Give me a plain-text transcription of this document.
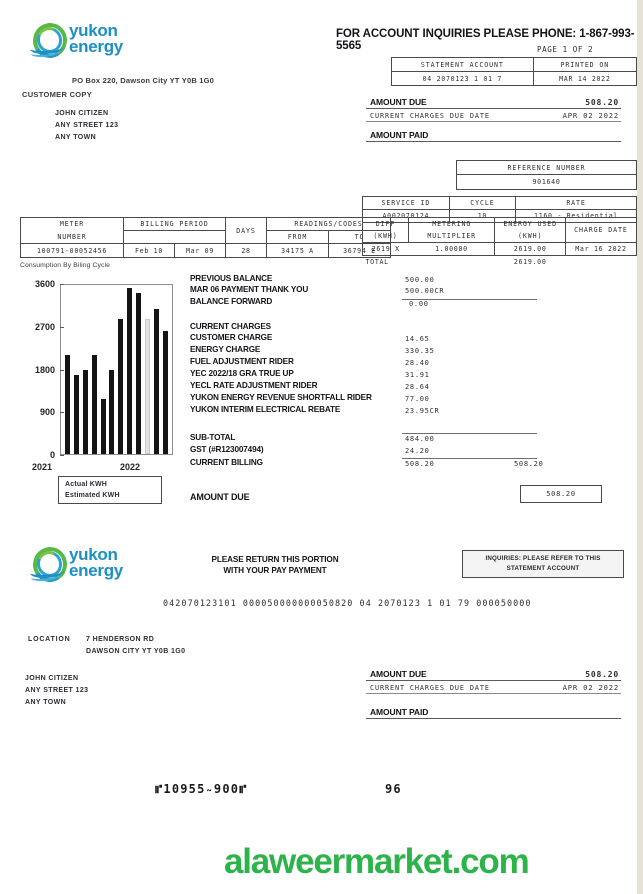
yukon
energy
PO Box 220, Dawson City YT Y0B 1G0
CUSTOMER COPY
JOHN CITIZEN
ANY STREET 123
ANY TOWN
FOR ACCOUNT INQUIRIES PLEASE PHONE: 1-867-993-5565	PAGE 1 OF 2
STATEMENT ACCOUNT	PRINTED ON
04 2070123 1 01 7	MAR 14 2022
AMOUNT DUE	508.20
CURRENT CHARGES DUE DATE	APR 02 2022
AMOUNT PAID
REFERENCE NUMBER
901640
SERVICE ID	CYCLE	RATE
A002070124	10	1160 - Residential
METER	BILLING PERIOD		DAYS	READINGS/CODES	
NUMBER				FROM	TO
100791-00052456	Feb 10	Mar 09	28	34175 A	36794 E
DIFF	METERING	ENERGY USED	CHARGE DATE
(KWH)	MULTIPLIER	(KWH)	
2619 X	1.00000	2619.00	Mar 16 2022
TOTAL		2619.00	
Consumption By Biling Cycle
0
900
1800
2700
3600
2021	2022
Actual KWH
Estimated KWH
PREVIOUS BALANCE	500.00
MAR 06 PAYMENT THANK YOU	500.00CR
BALANCE FORWARD	0.00
CURRENT CHARGES
CUSTOMER CHARGE	14.65
ENERGY CHARGE	330.35
FUEL ADJUSTMENT RIDER	28.40
YEC 2022/18 GRA TRUE UP	31.91
YECL RATE ADJUSTMENT RIDER	28.64
YUKON ENERGY REVENUE SHORTFALL RIDER	77.00
YUKON INTERIM ELECTRICAL REBATE	23.95CR
SUB-TOTAL	484.00
GST (#R123007494)	24.20
CURRENT BILLING	508.20	508.20
AMOUNT DUE	508.20
yukon
energy
PLEASE RETURN THIS PORTION
WITH YOUR PAY PAYMENT
INQUIRIES: PLEASE REFER TO THIS
STATEMENT ACCOUNT
042070123101 000050000000050820 04 2070123 1 01 79 000050000
LOCATION 7 HENDERSON RD
DAWSON CITY YT Y0B 1G0
JOHN CITIZEN
ANY STREET 123
ANY TOWN
AMOUNT DUE	508.20
CURRENT CHARGES DUE DATE	APR 02 2022
AMOUNT PAID
⑈10955⁓900⑈	96
alaweermarket.com
